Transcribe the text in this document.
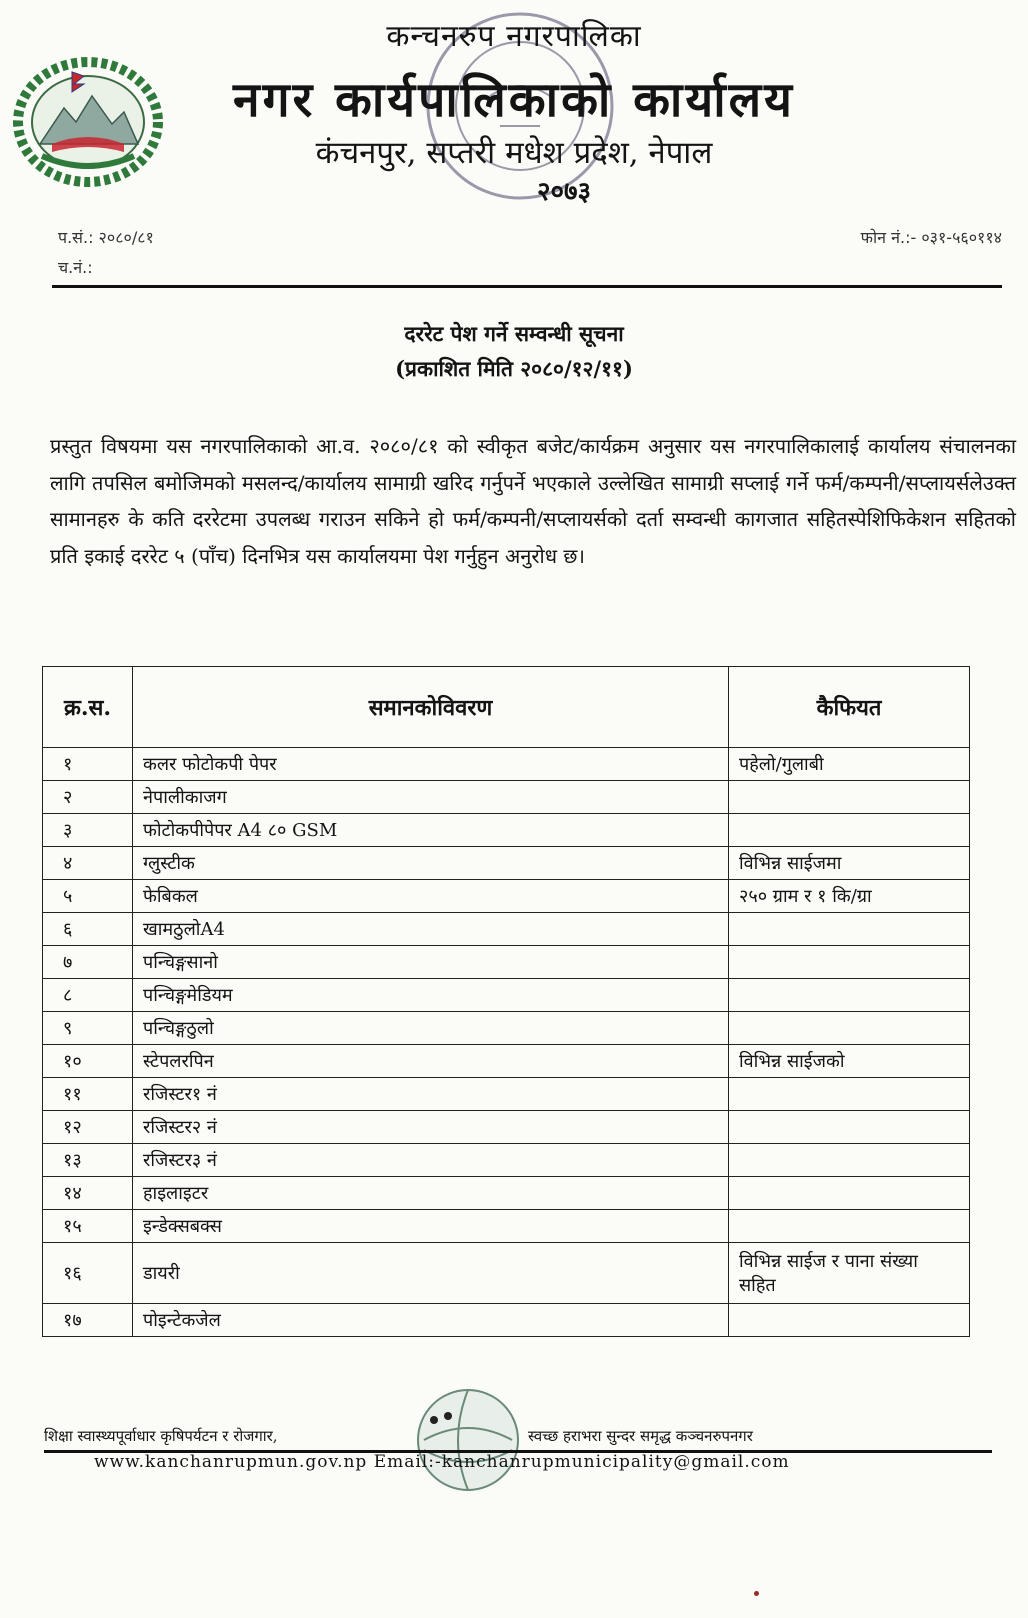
कन्चनरुप नगरपालिका
नगर कार्यपालिकाको कार्यालय
कंचनपुर, सप्तरी मधेश प्रदेश, नेपाल
२०७३
प.सं.: २०८०/८१
च.नं.:
फोन नं.:- ०३१-५६०११४
दररेट पेश गर्ने सम्वन्धी सूचना
(प्रकाशित मिति २०८०/१२/११)
प्रस्तुत विषयमा यस नगरपालिकाको आ.व. २०८०/८१ को स्वीकृत बजेट/कार्यक्रम अनुसार यस नगरपालिकालाई कार्यालय संचालनका लागि तपसिल बमोजिमको मसलन्द/कार्यालय सामाग्री खरिद गर्नुपर्ने भएकाले उल्लेखित सामाग्री सप्लाई गर्ने फर्म/कम्पनी/सप्लायर्सलेउक्त सामानहरु के कति दररेटमा उपलब्ध गराउन सकिने हो फर्म/कम्पनी/सप्लायर्सको दर्ता सम्वन्धी कागजात सहितस्पेशिफिकेशन सहितको प्रति इकाई दररेट ५ (पाँच) दिनभित्र यस कार्यालयमा पेश गर्नुहुन अनुरोध छ।
क्र.स.	समानकोविवरण	कैफियत
१	कलर फोटोकपी पेपर	पहेलो/गुलाबी
२	नेपालीकाजग	
३	फोटोकपीपेपर A4 ८० GSM	
४	ग्लुस्टीक	विभिन्न साईजमा
५	फेबिकल	२५० ग्राम र १ कि/ग्रा
६	खामठुलोA4	
७	पन्चिङ्गसानो	
८	पन्चिङ्गमेडियम	
९	पन्चिङ्गठुलो	
१०	स्टेपलरपिन	विभिन्न साईजको
११	रजिस्टर१ नं	
१२	रजिस्टर२ नं	
१३	रजिस्टर३ नं	
१४	हाइलाइटर	
१५	इन्डेक्सबक्स	
१६	डायरी	विभिन्न साईज र पाना संख्या सहित
१७	पोइन्टेकजेल	
शिक्षा स्वास्थ्यपूर्वाधार कृषिपर्यटन र रोजगार,	स्वच्छ हराभरा सुन्दर समृद्ध कञ्चनरुपनगर
www.kanchanrupmun.gov.np Email:-kanchanrupmunicipality@gmail.com
